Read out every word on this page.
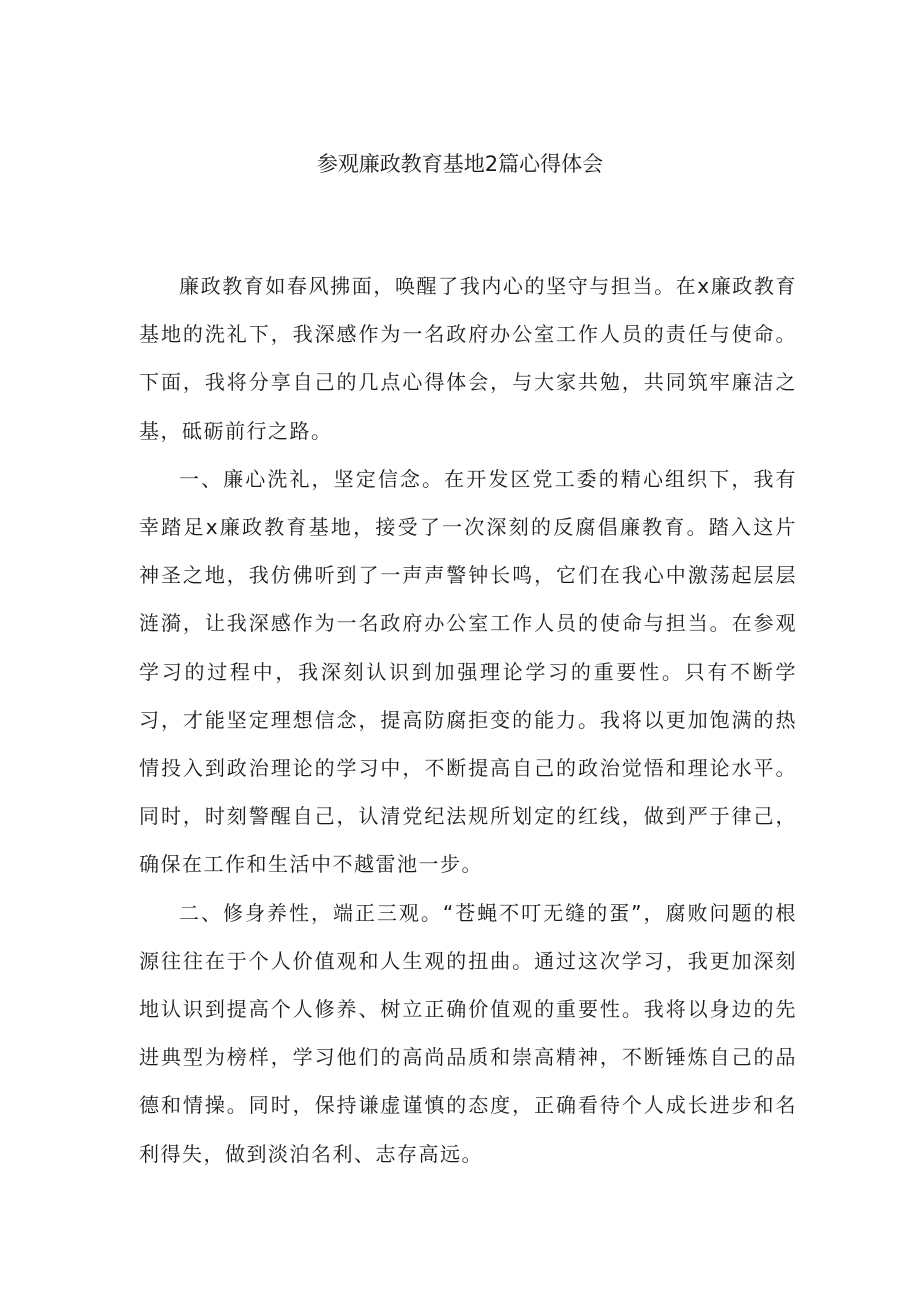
参观廉政教育基地2篇心得体会

廉政教育如春风拂面，唤醒了我内心的坚守与担当。在x廉政教育基地的洗礼下，我深感作为一名政府办公室工作人员的责任与使命。下面，我将分享自己的几点心得体会，与大家共勉，共同筑牢廉洁之基，砥砺前行之路。

一、廉心洗礼，坚定信念。在开发区党工委的精心组织下，我有幸踏足x廉政教育基地，接受了一次深刻的反腐倡廉教育。踏入这片神圣之地，我仿佛听到了一声声警钟长鸣，它们在我心中激荡起层层涟漪，让我深感作为一名政府办公室工作人员的使命与担当。在参观学习的过程中，我深刻认识到加强理论学习的重要性。只有不断学习，才能坚定理想信念，提高防腐拒变的能力。我将以更加饱满的热情投入到政治理论的学习中，不断提高自己的政治觉悟和理论水平。同时，时刻警醒自己，认清党纪法规所划定的红线，做到严于律己，确保在工作和生活中不越雷池一步。

二、修身养性，端正三观。“苍蝇不叮无缝的蛋”，腐败问题的根源往往在于个人价值观和人生观的扭曲。通过这次学习，我更加深刻地认识到提高个人修养、树立正确价值观的重要性。我将以身边的先进典型为榜样，学习他们的高尚品质和崇高精神，不断锤炼自己的品德和情操。同时，保持谦虚谨慎的态度，正确看待个人成长进步和名利得失，做到淡泊名利、志存高远。
